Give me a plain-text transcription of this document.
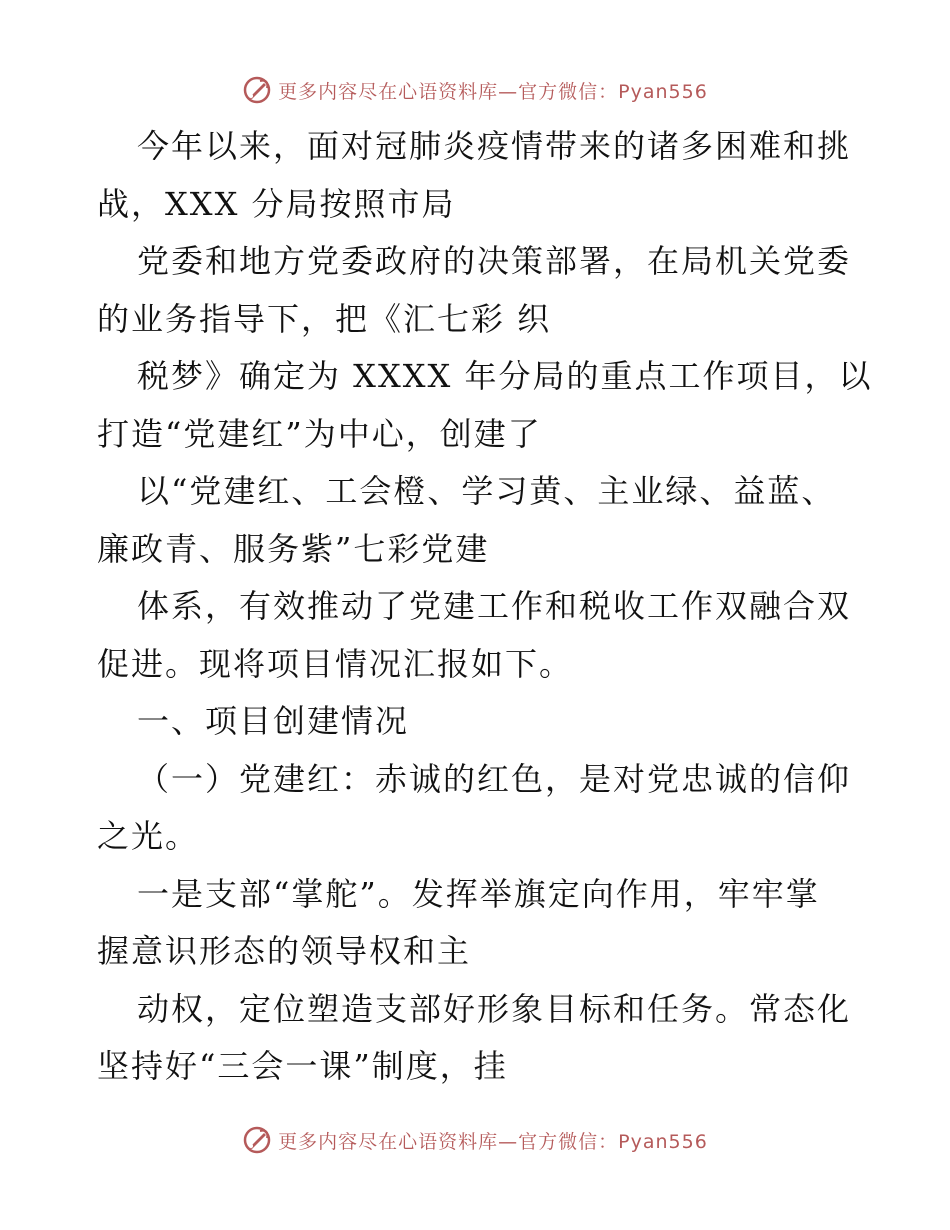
更多内容尽在心语资料库—官方微信：Pyan556
今年以来，面对冠肺炎疫情带来的诸多困难和挑
战，XXX 分局按照市局
党委和地方党委政府的决策部署，在局机关党委
的业务指导下，把《汇七彩 织
税梦》确定为 XXXX 年分局的重点工作项目，以
打造“党建红”为中心，创建了
以“党建红、工会橙、学习黄、主业绿、益蓝、
廉政青、服务紫”七彩党建
体系，有效推动了党建工作和税收工作双融合双
促进。现将项目情况汇报如下。
一、项目创建情况
（一）党建红：赤诚的红色，是对党忠诚的信仰
之光。
一是支部“掌舵”。发挥举旗定向作用，牢牢掌
握意识形态的领导权和主
动权，定位塑造支部好形象目标和任务。常态化
坚持好“三会一课”制度，挂
更多内容尽在心语资料库—官方微信：Pyan556
